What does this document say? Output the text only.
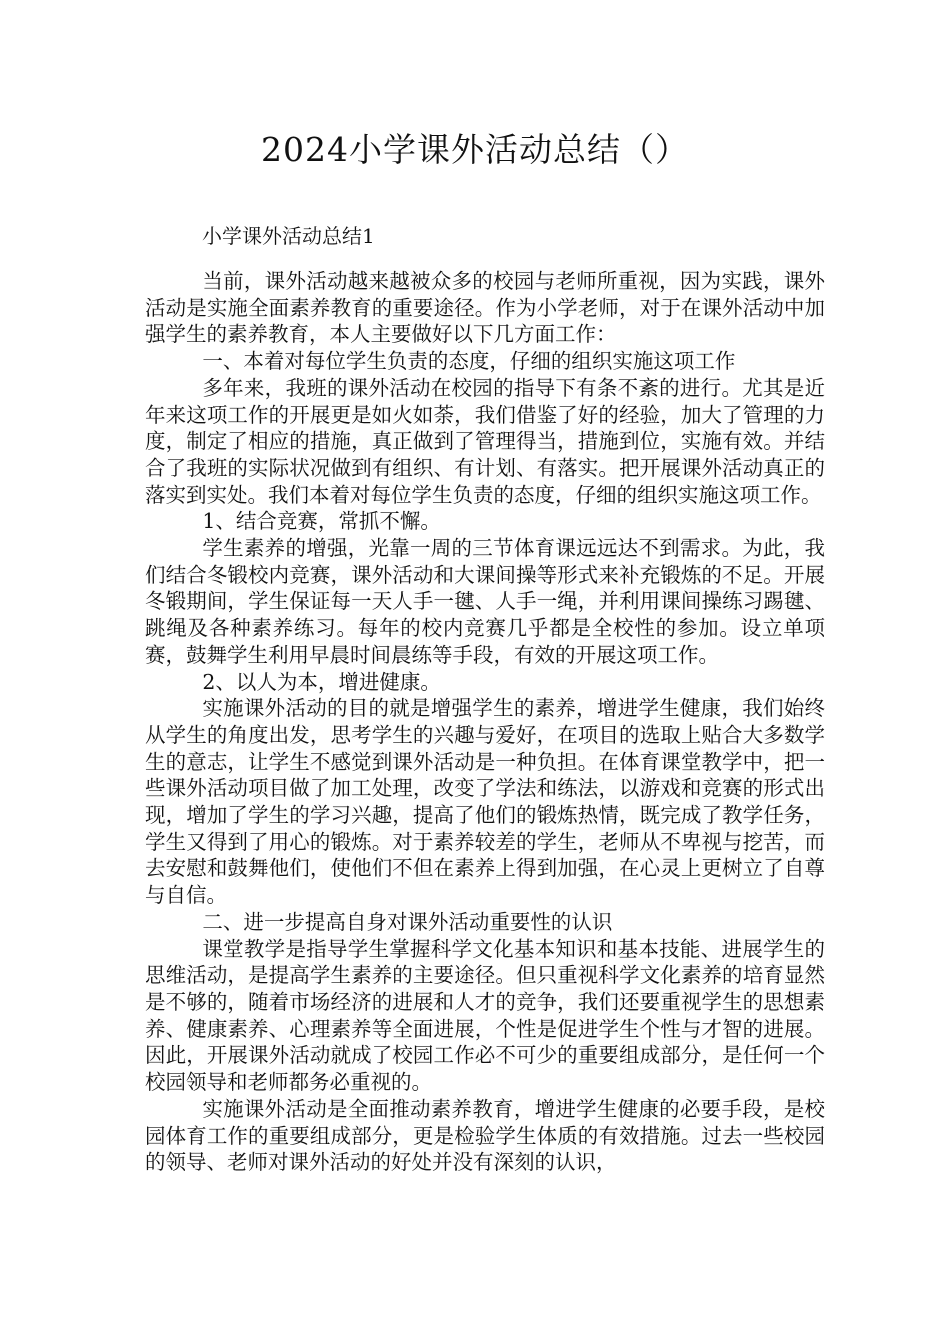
2024小学课外活动总结（）
小学课外活动总结1

当前，课外活动越来越被众多的校园与老师所重视，因为实践，课外活动是实施全面素养教育的重要途径。作为小学老师，对于在课外活动中加强学生的素养教育，本人主要做好以下几方面工作：

一、本着对每位学生负责的态度，仔细的组织实施这项工作

多年来，我班的课外活动在校园的指导下有条不紊的进行。尤其是近年来这项工作的开展更是如火如荼，我们借鉴了好的经验，加大了管理的力度，制定了相应的措施，真正做到了管理得当，措施到位，实施有效。并结合了我班的实际状况做到有组织、有计划、有落实。把开展课外活动真正的落实到实处。我们本着对每位学生负责的态度，仔细的组织实施这项工作。

1、结合竞赛，常抓不懈。

学生素养的增强，光靠一周的三节体育课远远达不到需求。为此，我们结合冬锻校内竞赛，课外活动和大课间操等形式来补充锻炼的不足。开展冬锻期间，学生保证每一天人手一毽、人手一绳，并利用课间操练习踢毽、跳绳及各种素养练习。每年的校内竞赛几乎都是全校性的参加。设立单项赛，鼓舞学生利用早晨时间晨练等手段，有效的开展这项工作。

2、以人为本，增进健康。

实施课外活动的目的就是增强学生的素养，增进学生健康，我们始终从学生的角度出发，思考学生的兴趣与爱好，在项目的选取上贴合大多数学生的意志，让学生不感觉到课外活动是一种负担。在体育课堂教学中，把一些课外活动项目做了加工处理，改变了学法和练法，以游戏和竞赛的形式出现，增加了学生的学习兴趣，提高了他们的锻炼热情，既完成了教学任务，学生又得到了用心的锻炼。对于素养较差的学生，老师从不卑视与挖苦，而去安慰和鼓舞他们，使他们不但在素养上得到加强，在心灵上更树立了自尊与自信。

二、进一步提高自身对课外活动重要性的认识

课堂教学是指导学生掌握科学文化基本知识和基本技能、进展学生的思维活动，是提高学生素养的主要途径。但只重视科学文化素养的培育显然是不够的，随着市场经济的进展和人才的竞争，我们还要重视学生的思想素养、健康素养、心理素养等全面进展，个性是促进学生个性与才智的进展。因此，开展课外活动就成了校园工作必不可少的重要组成部分，是任何一个校园领导和老师都务必重视的。

实施课外活动是全面推动素养教育，增进学生健康的必要手段，是校园体育工作的重要组成部分，更是检验学生体质的有效措施。过去一些校园的领导、老师对课外活动的好处并没有深刻的认识，
